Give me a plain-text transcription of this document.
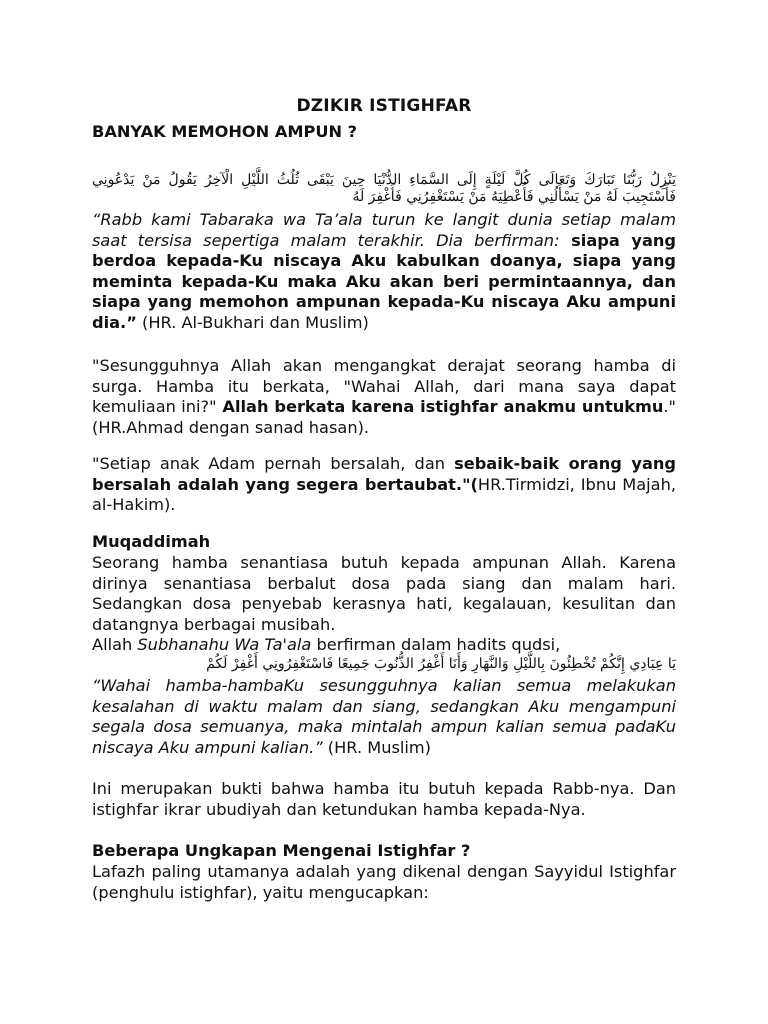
DZIKIR ISTIGHFAR
BANYAK MEMOHON AMPUN ?
يَنْزِلُ رَبُّنَا تَبَارَكَ وَتَعَالَى كُلَّ لَيْلَةٍ إِلَى السَّمَاءِ الدُّنْيَا حِينَ يَبْقَى ثُلُثُ اللَّيْلِ الْآخِرُ يَقُولُ مَنْ يَدْعُونِي فَأَسْتَجِيبَ لَهُ مَنْ يَسْأَلُنِي فَأُعْطِيَهُ مَنْ يَسْتَغْفِرُنِي فَأَغْفِرَ لَهُ
“Rabb kami Tabaraka wa Ta’ala turun ke langit dunia setiap malam saat tersisa sepertiga malam terakhir. Dia berfirman: siapa yang berdoa kepada-Ku niscaya Aku kabulkan doanya, siapa yang meminta kepada-Ku maka Aku akan beri permintaannya, dan siapa yang memohon ampunan kepada-Ku niscaya Aku ampuni dia.” (HR. Al-Bukhari dan Muslim)
"Sesungguhnya Allah akan mengangkat derajat seorang hamba di surga. Hamba itu berkata, "Wahai Allah, dari mana saya dapat kemuliaan ini?" Allah berkata karena istighfar anakmu untukmu." (HR.Ahmad dengan sanad hasan).
"Setiap anak Adam pernah bersalah, dan sebaik-baik orang yang bersalah adalah yang segera bertaubat."(HR.Tirmidzi, Ibnu Majah, al-Hakim).
Muqaddimah
Seorang hamba senantiasa butuh kepada ampunan Allah. Karena dirinya senantiasa berbalut dosa pada siang dan malam hari. Sedangkan dosa penyebab kerasnya hati, kegalauan, kesulitan dan datangnya berbagai musibah.
Allah Subhanahu Wa Ta'ala berfirman dalam hadits qudsi,
يَا عِبَادِي إِنَّكُمْ تُخْطِئُونَ بِاللَّيْلِ وَالنَّهَارِ وَأَنَا أَغْفِرُ الذُّنُوبَ جَمِيعًا فَاسْتَغْفِرُونِي أَغْفِرْ لَكُمْ
“Wahai hamba-hambaKu sesungguhnya kalian semua melakukan kesalahan di waktu malam dan siang, sedangkan Aku mengampuni segala dosa semuanya, maka mintalah ampun kalian semua padaKu niscaya Aku ampuni kalian.” (HR. Muslim)
Ini merupakan bukti bahwa hamba itu butuh kepada Rabb-nya. Dan istighfar ikrar ubudiyah dan ketundukan hamba kepada-Nya.
Beberapa Ungkapan Mengenai Istighfar ?
Lafazh paling utamanya adalah yang dikenal dengan Sayyidul Istighfar (penghulu istighfar), yaitu mengucapkan:
